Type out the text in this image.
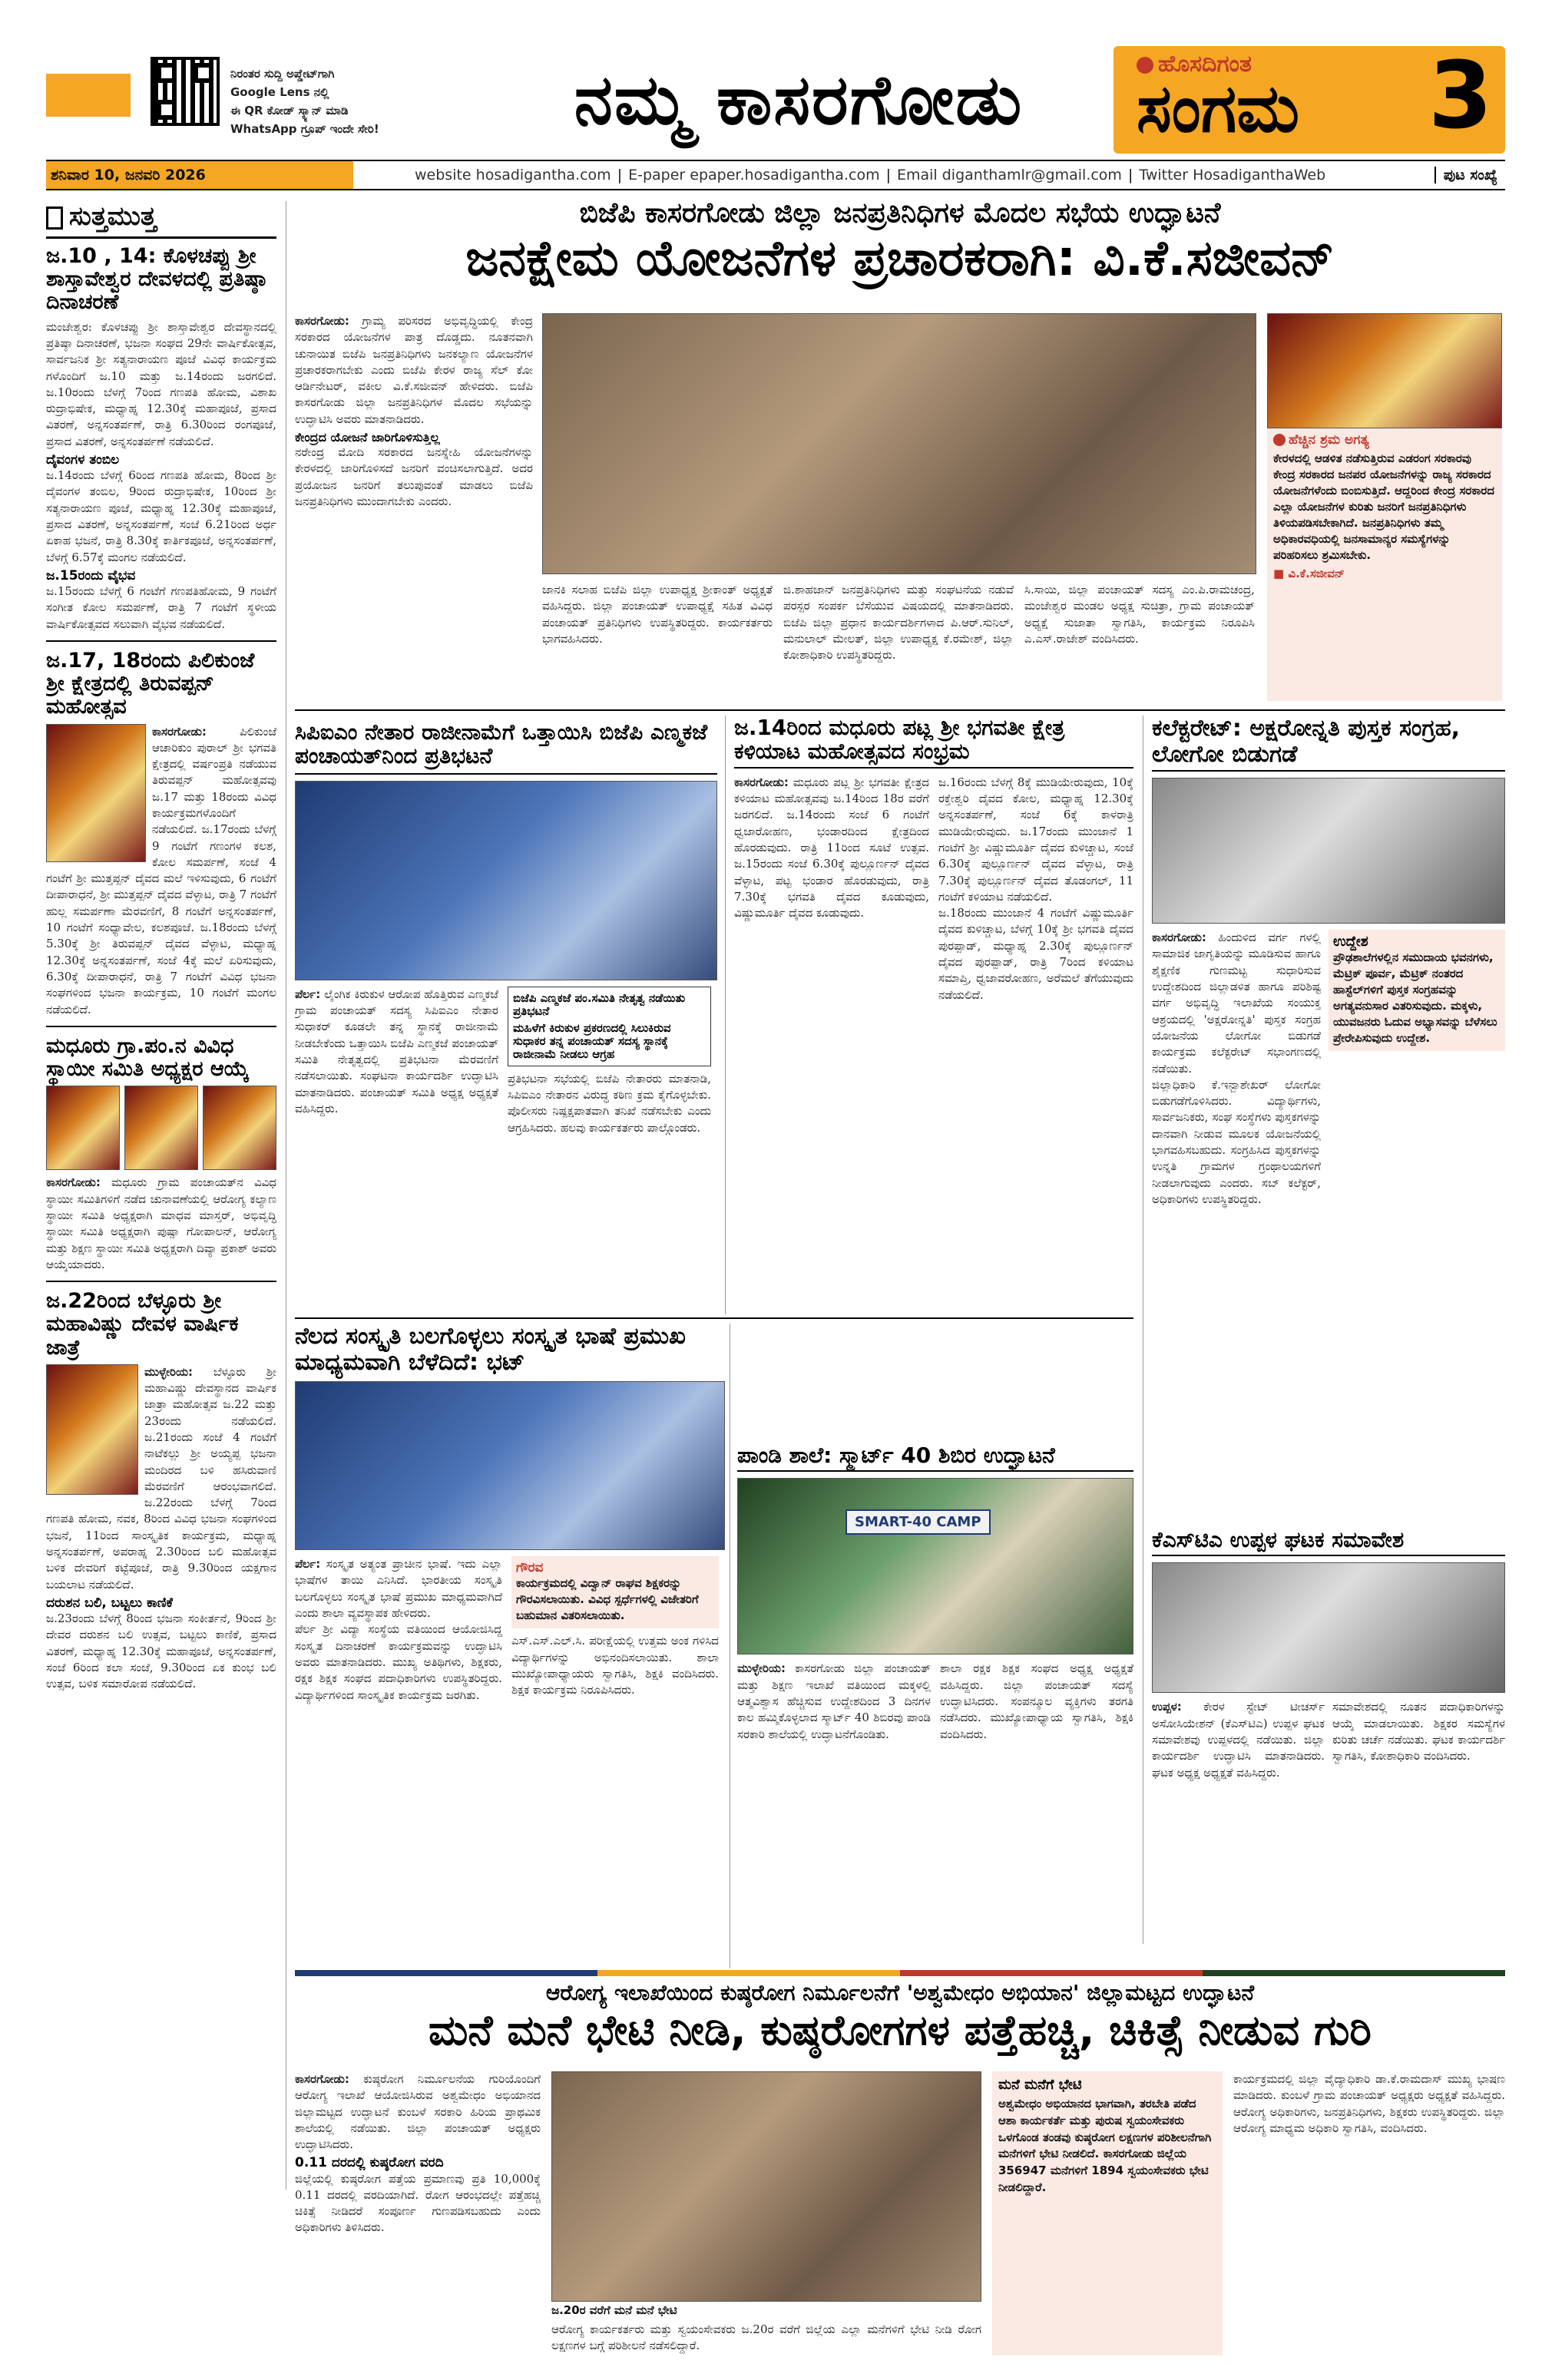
ನಿರಂತರ ಸುದ್ದಿ ಅಪ್ಡೇಟ್‌ಗಾಗಿ
Google Lens ನಲ್ಲಿ
ಈ QR ಕೋಡ್ ಸ್ಕ್ಯಾನ್ ಮಾಡಿ
WhatsApp ಗ್ರೂಪ್ ಇಂದೇ ಸೇರಿ!	ನಮ್ಮ ಕಾಸರಗೋಡು	ಹೊಸದಿಗಂತ
ಸಂಗಮ 3
ಶನಿವಾರ 10, ಜನವರಿ 2026	website hosadigantha.com | E-paper epaper.hosadigantha.com | Email diganthamlr@gmail.com | Twitter HosadiganthaWeb	ಪುಟ ಸಂಖ್ಯೆ
ಸುತ್ತಮುತ್ತ
ಜ.10 , 14: ಕೊಳಚಪ್ಪು ಶ್ರೀ ಶಾಸ್ತಾವೇಶ್ವರ ದೇವಳದಲ್ಲಿ ಪ್ರತಿಷ್ಠಾ ದಿನಾಚರಣೆ
ಮಂಜೇಶ್ವರ: ಕೊಳಚಪ್ಪು ಶ್ರೀ ಶಾಸ್ತಾವೇಶ್ವರ ದೇವಸ್ಥಾನದಲ್ಲಿ ಪ್ರತಿಷ್ಠಾ ದಿನಾಚರಣೆ, ಭಜನಾ ಸಂಘದ 29ನೇ ವಾರ್ಷಿಕೋತ್ಸವ, ಸಾರ್ವಜನಿಕ ಶ್ರೀ ಸತ್ಯನಾರಾಯಣ ಪೂಜೆ ವಿವಿಧ ಕಾರ್ಯಕ್ರಮ ಗಳೊಂದಿಗೆ ಜ.10 ಮತ್ತು ಜ.14ರಂದು ಜರಗಲಿದೆ. ಜ.10ರಂದು ಬೆಳಗ್ಗೆ 7ರಿಂದ ಗಣಪತಿ ಹೋಮ, ವಿಶಾಖ ರುದ್ರಾಭಿಷೇಕ, ಮಧ್ಯಾಹ್ನ 12.30ಕ್ಕೆ ಮಹಾಪೂಜೆ, ಪ್ರಸಾದ ವಿತರಣೆ, ಅನ್ನಸಂತರ್ಪಣೆ, ರಾತ್ರಿ 6.30ರಿಂದ ರಂಗಪೂಜೆ, ಪ್ರಸಾದ ವಿತರಣೆ, ಅನ್ನಸಂತರ್ಪಣೆ ನಡೆಯಲಿದೆ.
ದೈವಂಗಳ ತಂಬಿಲ
ಜ.14ರಂದು ಬೆಳಗ್ಗೆ 6ರಿಂದ ಗಣಪತಿ ಹೋಮ, 8ರಿಂದ ಶ್ರೀ ದೈವಂಗಳ ತಂಬಿಲ, 9ರಿಂದ ರುದ್ರಾಭಿಷೇಕ, 10ರಿಂದ ಶ್ರೀ ಸತ್ಯನಾರಾಯಣ ಪೂಜೆ, ಮಧ್ಯಾಹ್ನ 12.30ಕ್ಕೆ ಮಹಾಪೂಜೆ, ಪ್ರಸಾದ ವಿತರಣೆ, ಅನ್ನಸಂತರ್ಪಣೆ, ಸಂಜೆ 6.21ರಿಂದ ಅರ್ಧ ಏಕಾಹ ಭಜನೆ, ರಾತ್ರಿ 8.30ಕ್ಕೆ ಕಾರ್ತಿಕಪೂಜೆ, ಅನ್ನಸಂತರ್ಪಣೆ, ಬೆಳಗ್ಗೆ 6.57ಕ್ಕೆ ಮಂಗಲ ನಡೆಯಲಿದೆ.
ಜ.15ರಂದು ವೈಭವ
ಜ.15ರಂದು ಬೆಳಗ್ಗೆ 6 ಗಂಟೆಗೆ ಗಣಪತಿಹೋಮ, 9 ಗಂಟೆಗೆ ಸಂಗೀತ ಕೋಲ ಸಮರ್ಪಣೆ, ರಾತ್ರಿ 7 ಗಂಟೆಗೆ ಸ್ಥಳೀಯ ವಾರ್ಷಿಕೋತ್ಸವದ ಸಲುವಾಗಿ ವೈಭವ ನಡೆಯಲಿದೆ.
ಜ.17, 18ರಂದು ಪಿಲಿಕುಂಜೆ ಶ್ರೀ ಕ್ಷೇತ್ರದಲ್ಲಿ ತಿರುವಪ್ಪನ್ ಮಹೋತ್ಸವ
ಕಾಸರಗೋಡು:	ಪಿಲಿಕುಂಜೆ ಆಚಾರಿಕುಂ ಪುರಾಲ್ ಶ್ರೀ ಭಗವತಿ ಕ್ಷೇತ್ರದಲ್ಲಿ ವರ್ಷಂಪ್ರತಿ ನಡೆಯುವ ತಿರುವಪ್ಪನ್ ಮಹೋತ್ಸವವು ಜ.17 ಮತ್ತು 18ರಂದು ವಿವಿಧ ಕಾರ್ಯಕ್ರಮಗಳೊಂದಿಗೆ ನಡೆಯಲಿದೆ. ಜ.17ರಂದು ಬೆಳಗ್ಗೆ 9 ಗಂಟೆಗೆ ಗಣಂಗಳ ಕಲಶ, ಕೋಲ ಸಮರ್ಪಣೆ, ಸಂಜೆ 4 ಗಂಟೆಗೆ ಶ್ರೀ ಮುತ್ತಪ್ಪನ್ ದೈವದ ಮಲೆ ಇಳಿಸುವುದು, 6 ಗಂಟೆಗೆ ದೀಪಾರಾಧನೆ, ಶ್ರೀ ಮುತ್ತಪ್ಪನ್ ದೈವದ ವೆಳ್ಳಾಟ, ರಾತ್ರಿ 7 ಗಂಟೆಗೆ ಹುಲ್ಲ ಸಮರ್ಪಣಾ ಮೆರವಣಿಗೆ, 8 ಗಂಟೆಗೆ ಅನ್ನಸಂತರ್ಪಣೆ, 10 ಗಂಟೆಗೆ ಸಂಧ್ಯಾವೇಲ, ಕಲಶಪೂಜೆ. ಜ.18ರಂದು ಬೆಳಗ್ಗೆ 5.30ಕ್ಕೆ ಶ್ರೀ ತಿರುವಪ್ಪನ್ ದೈವದ ವೆಳ್ಳಾಟ, ಮಧ್ಯಾಹ್ನ 12.30ಕ್ಕೆ ಅನ್ನಸಂತರ್ಪಣೆ, ಸಂಜೆ 4ಕ್ಕೆ ಮಲೆ ಏರಿಸುವುದು, 6.30ಕ್ಕೆ ದೀಪಾರಾಧನೆ, ರಾತ್ರಿ 7 ಗಂಟೆಗೆ ವಿವಿಧ ಭಜನಾ ಸಂಘಗಳಿಂದ ಭಜನಾ ಕಾರ್ಯಕ್ರಮ, 10 ಗಂಟೆಗೆ ಮಂಗಲ ನಡೆಯಲಿದೆ.
ಮಧೂರು ಗ್ರಾ.ಪಂ.ನ ವಿವಿಧ ಸ್ಥಾಯೀ ಸಮಿತಿ ಅಧ್ಯಕ್ಷರ ಆಯ್ಕೆ
ಕಾಸರಗೋಡು: ಮಧೂರು ಗ್ರಾಮ ಪಂಚಾಯತ್‌ನ ವಿವಿಧ ಸ್ಥಾಯೀ ಸಮಿತಿಗಳಿಗೆ ನಡೆದ ಚುನಾವಣೆಯಲ್ಲಿ ಆರೋಗ್ಯ ಕಲ್ಯಾಣ ಸ್ಥಾಯೀ ಸಮಿತಿ ಅಧ್ಯಕ್ಷರಾಗಿ ಮಾಧವ ಮಾಸ್ತರ್, ಅಭಿವೃದ್ಧಿ ಸ್ಥಾಯೀ ಸಮಿತಿ ಅಧ್ಯಕ್ಷರಾಗಿ ಪುಷ್ಪಾ ಗೋಪಾಲನ್, ಆರೋಗ್ಯ ಮತ್ತು ಶಿಕ್ಷಣ ಸ್ಥಾಯೀ ಸಮಿತಿ ಅಧ್ಯಕ್ಷರಾಗಿ ದಿವ್ಯಾ ಪ್ರಕಾಶ್ ಅವರು ಆಯ್ಕೆಯಾದರು.
ಜ.22ರಿಂದ ಬೆಳ್ಳೂರು ಶ್ರೀ ಮಹಾವಿಷ್ಣು ದೇವಳ ವಾರ್ಷಿಕ ಜಾತ್ರೆ
ಮುಳ್ಳೇರಿಯ: ಬೆಳ್ಳೂರು ಶ್ರೀ ಮಹಾವಿಷ್ಣು ದೇವಸ್ಥಾನದ ವಾರ್ಷಿಕ ಜಾತ್ರಾ ಮಹೋತ್ಸವ ಜ.22 ಮತ್ತು 23ರಂದು ನಡೆಯಲಿದೆ. ಜ.21ರಂದು ಸಂಜೆ 4 ಗಂಟೆಗೆ ನಾಟೆಕಲ್ಲು ಶ್ರೀ ಅಯ್ಯಪ್ಪ ಭಜನಾ ಮಂದಿರದ ಬಳಿ ಹಸಿರುವಾಣಿ ಮೆರವಣಿಗೆ ಆರಂಭವಾಗಲಿದೆ. ಜ.22ರಂದು ಬೆಳಗ್ಗೆ 7ರಿಂದ ಗಣಪತಿ ಹೋಮ, ನವಕ, 8ರಿಂದ ವಿವಿಧ ಭಜನಾ ಸಂಘಗಳಿಂದ ಭಜನೆ, 11ರಿಂದ ಸಾಂಸ್ಕೃತಿಕ ಕಾರ್ಯಕ್ರಮ, ಮಧ್ಯಾಹ್ನ ಅನ್ನಸಂತರ್ಪಣೆ, ಅಪರಾಹ್ನ 2.30ರಿಂದ ಬಲಿ ಮಹೋತ್ಸವ ಬಳಿಕ ದೇವರಿಗೆ ಕಟ್ಟೆಪೂಜೆ, ರಾತ್ರಿ 9.30ರಿಂದ ಯಕ್ಷಗಾನ ಬಯಲಾಟ ನಡೆಯಲಿದೆ.
ದರುಶನ ಬಲಿ, ಬಟ್ಟಲು ಕಾಣಿಕೆ
ಜ.23ರಂದು ಬೆಳಗ್ಗೆ 8ರಿಂದ ಭಜನಾ ಸಂಕೀರ್ತನೆ, 9ರಿಂದ ಶ್ರೀ ದೇವರ ದರುಶನ ಬಲಿ ಉತ್ಸವ, ಬಟ್ಟಲು ಕಾಣಿಕೆ, ಪ್ರಸಾದ ವಿತರಣೆ, ಮಧ್ಯಾಹ್ನ 12.30ಕ್ಕೆ ಮಹಾಪೂಜೆ, ಅನ್ನಸಂತರ್ಪಣೆ, ಸಂಜೆ 6ರಿಂದ ಕಲಾ ಸಂಜೆ, 9.30ರಿಂದ ಏಕ ಕುಂಭ ಬಲಿ ಉತ್ಸವ, ಬಳಿಕ ಸಮಾರೋಪ ನಡೆಯಲಿದೆ.
ಬಿಜೆಪಿ ಕಾಸರಗೋಡು ಜಿಲ್ಲಾ ಜನಪ್ರತಿನಿಧಿಗಳ ಮೊದಲ ಸಭೆಯ ಉದ್ಘಾಟನೆ
ಜನಕ್ಷೇಮ ಯೋಜನೆಗಳ ಪ್ರಚಾರಕರಾಗಿ: ವಿ.ಕೆ.ಸಜೀವನ್
ಕಾಸರಗೋಡು: ಗ್ರಾಮ್ಯ ಪರಿಸರದ ಅಭಿವೃದ್ಧಿಯಲ್ಲಿ ಕೇಂದ್ರ ಸರಕಾರದ ಯೋಜನೆಗಳ ಪಾತ್ರ ದೊಡ್ಡದು. ನೂತನವಾಗಿ ಚುನಾಯಿತ ಬಿಜೆಪಿ ಜನಪ್ರತಿನಿಧಿಗಳು ಜನಕಲ್ಯಾಣ ಯೋಜನೆಗಳ ಪ್ರಚಾರಕರಾಗಬೇಕು ಎಂದು ಬಿಜೆಪಿ ಕೇರಳ ರಾಜ್ಯ ಸೆಲ್ ಕೋ ಆರ್ಡಿನೇಟರ್, ವಕೀಲ ವಿ.ಕೆ.ಸಜೀವನ್ ಹೇಳಿದರು. ಬಿಜೆಪಿ ಕಾಸರಗೋಡು ಜಿಲ್ಲಾ ಜನಪ್ರತಿನಿಧಿಗಳ ಮೊದಲ ಸಭೆಯನ್ನು ಉದ್ಘಾಟಿಸಿ ಅವರು ಮಾತನಾಡಿದರು.
ಕೇಂದ್ರದ ಯೋಜನೆ ಜಾರಿಗೊಳಿಸುತ್ತಿಲ್ಲ
ನರೇಂದ್ರ ಮೋದಿ ಸರಕಾರದ ಜನಸ್ನೇಹಿ ಯೋಜನೆಗಳನ್ನು ಕೇರಳದಲ್ಲಿ ಜಾರಿಗೊಳಿಸದೆ ಜನರಿಗೆ ವಂಚಿಸಲಾಗುತ್ತಿದೆ. ಅದರ ಪ್ರಯೋಜನ ಜನರಿಗೆ ತಲುಪುವಂತೆ ಮಾಡಲು ಬಿಜೆಪಿ ಜನಪ್ರತಿನಿಧಿಗಳು ಮುಂದಾಗಬೇಕು ಎಂದರು.
ಜಾನಕಿ ಸಲಾಹ ಬಿಜೆಪಿ ಜಿಲ್ಲಾ ಉಪಾಧ್ಯಕ್ಷ ಶ್ರೀಕಾಂತ್ ಅಧ್ಯಕ್ಷತೆ ವಹಿಸಿದ್ದರು. ಜಿಲ್ಲಾ ಪಂಚಾಯತ್ ಉಪಾಧ್ಯಕ್ಷೆ ಸಹಿತ ವಿವಿಧ ಪಂಚಾಯತ್ ಪ್ರತಿನಿಧಿಗಳು ಉಪಸ್ಥಿತರಿದ್ದರು. ಕಾರ್ಯಕರ್ತರು ಭಾಗವಹಿಸಿದರು.
ಜಿ.ಶಾಹಜಾನ್ ಜನಪ್ರತಿನಿಧಿಗಳು ಮತ್ತು ಸಂಘಟನೆಯ ನಡುವೆ ಪರಸ್ಪರ ಸಂಪರ್ಕ ಬೆಸೆಯುವ ವಿಷಯದಲ್ಲಿ ಮಾತನಾಡಿದರು. ಬಿಜೆಪಿ ಜಿಲ್ಲಾ ಪ್ರಧಾನ ಕಾರ್ಯದರ್ಶಿಗಳಾದ ಪಿ.ಆರ್.ಸುನಿಲ್, ಮನುಲಾಲ್ ಮೇಲತ್, ಜಿಲ್ಲಾ ಉಪಾಧ್ಯಕ್ಷ ಕೆ.ರಮೇಶ್, ಜಿಲ್ಲಾ ಕೋಶಾಧಿಕಾರಿ ಉಪಸ್ಥಿತರಿದ್ದರು.
ಸಿ.ಸಾಯಿ, ಜಿಲ್ಲಾ ಪಂಚಾಯತ್ ಸದಸ್ಯ ಎಂ.ಪಿ.ರಾಮಚಂದ್ರ, ಮಂಜೇಶ್ವರ ಮಂಡಲ ಅಧ್ಯಕ್ಷ ಸುಚಿತ್ರಾ, ಗ್ರಾಮ ಪಂಚಾಯತ್ ಅಧ್ಯಕ್ಷೆ ಸುಜಾತಾ ಸ್ವಾಗತಿಸಿ, ಕಾರ್ಯಕ್ರಮ ನಿರೂಪಿಸಿ ಎ.ಎಸ್.ರಾಜೇಶ್ ವಂದಿಸಿದರು.
ಹೆಚ್ಚಿನ ಶ್ರಮ ಅಗತ್ಯ
ಕೇರಳದಲ್ಲಿ ಆಡಳಿತ ನಡೆಸುತ್ತಿರುವ ಎಡರಂಗ ಸರಕಾರವು ಕೇಂದ್ರ ಸರಕಾರದ ಜನಪರ ಯೋಜನೆಗಳನ್ನು ರಾಜ್ಯ ಸರಕಾರದ ಯೋಜನೆಗಳೆಂದು ಬಿಂಬಿಸುತ್ತಿದೆ. ಆದ್ದರಿಂದ ಕೇಂದ್ರ ಸರಕಾರದ ಎಲ್ಲಾ ಯೋಜನೆಗಳ ಕುರಿತು ಜನರಿಗೆ ಜನಪ್ರತಿನಿಧಿಗಳು ತಿಳಿಯಪಡಿಸಬೇಕಾಗಿದೆ. ಜನಪ್ರತಿನಿಧಿಗಳು ತಮ್ಮ ಅಧಿಕಾರವಧಿಯಲ್ಲಿ ಜನಸಾಮಾನ್ಯರ ಸಮಸ್ಯೆಗಳನ್ನು ಪರಿಹರಿಸಲು ಶ್ರಮಿಸಬೇಕು.
■ ವಿ.ಕೆ.ಸಜೀವನ್
ಸಿಪಿಐಎಂ ನೇತಾರ ರಾಜೀನಾಮೆಗೆ ಒತ್ತಾಯಿಸಿ ಬಿಜೆಪಿ ಎಣ್ಮಕಜೆ ಪಂಚಾಯತ್‌ನಿಂದ ಪ್ರತಿಭಟನೆ
ಪೆರ್ಲ: ಲೈಂಗಿಕ ಕಿರುಕುಳ ಆರೋಪ ಹೊತ್ತಿರುವ ಎಣ್ಮಕಜೆ ಗ್ರಾಮ ಪಂಚಾಯತ್ ಸದಸ್ಯ ಸಿಪಿಐಎಂ ನೇತಾರ ಸುಧಾಕರ್ ಕೂಡಲೇ ತನ್ನ ಸ್ಥಾನಕ್ಕೆ ರಾಜೀನಾಮೆ ನೀಡಬೇಕೆಂದು ಒತ್ತಾಯಿಸಿ ಬಿಜೆಪಿ ಎಣ್ಮಕಜೆ ಪಂಚಾಯತ್ ಸಮಿತಿ ನೇತೃತ್ವದಲ್ಲಿ ಪ್ರತಿಭಟನಾ ಮೆರವಣಿಗೆ ನಡೆಸಲಾಯಿತು. ಸಂಘಟನಾ ಕಾರ್ಯದರ್ಶಿ ಉದ್ಘಾಟಿಸಿ ಮಾತನಾಡಿದರು. ಪಂಚಾಯತ್ ಸಮಿತಿ ಅಧ್ಯಕ್ಷ ಅಧ್ಯಕ್ಷತೆ ವಹಿಸಿದ್ದರು.
ಬಿಜೆಪಿ ಎಣ್ಮಕಜೆ ಪಂ.ಸಮಿತಿ ನೇತೃತ್ವ ನಡೆಯಿತು ಪ್ರತಿಭಟನೆ
ಮಹಿಳೆಗೆ ಕಿರುಕುಳ ಪ್ರಕರಣದಲ್ಲಿ ಸಿಲುಕಿರುವ ಸುಧಾಕರ ತನ್ನ ಪಂಚಾಯತ್ ಸದಸ್ಯ ಸ್ಥಾನಕ್ಕೆ ರಾಜೀನಾಮೆ ನೀಡಲು ಆಗ್ರಹ
ಪ್ರತಿಭಟನಾ ಸಭೆಯಲ್ಲಿ ಬಿಜೆಪಿ ನೇತಾರರು ಮಾತನಾಡಿ, ಸಿಪಿಐಎಂ ನೇತಾರನ ವಿರುದ್ಧ ಕಠಿಣ ಕ್ರಮ ಕೈಗೊಳ್ಳಬೇಕು. ಪೊಲೀಸರು ನಿಷ್ಪಕ್ಷಪಾತವಾಗಿ ತನಿಖೆ ನಡೆಸಬೇಕು ಎಂದು ಆಗ್ರಹಿಸಿದರು. ಹಲವು ಕಾರ್ಯಕರ್ತರು ಪಾಲ್ಗೊಂಡರು.
ಜ.14ರಿಂದ ಮಧೂರು ಪಟ್ಲ ಶ್ರೀ ಭಗವತೀ ಕ್ಷೇತ್ರ ಕಳಿಯಾಟ ಮಹೋತ್ಸವದ ಸಂಭ್ರಮ
ಕಾಸರಗೋಡು: ಮಧೂರು ಪಟ್ಲ ಶ್ರೀ ಭಗವತೀ ಕ್ಷೇತ್ರದ ಕಳಿಯಾಟ ಮಹೋತ್ಸವವು ಜ.14ರಿಂದ 18ರ ವರೆಗೆ ಜರಗಲಿದೆ. ಜ.14ರಂದು ಸಂಜೆ 6 ಗಂಟೆಗೆ ಧ್ವಜಾರೋಹಣ, ಭಂಡಾರದಿಂದ ಕ್ಷೇತ್ರದಿಂದ ಹೊರಡುವುದು. ರಾತ್ರಿ 11ರಿಂದ ಸೂಟೆ ಉತ್ಸವ. ಜ.15ರಂದು ಸಂಜೆ 6.30ಕ್ಕೆ ಪುಲ್ಲೂರ್ಣನ್ ದೈವದ ವೆಳ್ಳಾಟ, ಪಟ್ಟ ಭಂಡಾರ ಹೊರಡುವುದು, ರಾತ್ರಿ 7.30ಕ್ಕೆ ಭಗವತಿ ದೈವದ ಕೂಡುವುದು, ವಿಷ್ಣುಮೂರ್ತಿ ದೈವದ ಕೂಡುವುದು.
ಜ.16ರಂದು ಬೆಳಗ್ಗೆ 8ಕ್ಕೆ ಮುಡಿಯೇರುವುದು, 10ಕ್ಕೆ ರಕ್ತೇಶ್ವರಿ ದೈವದ ಕೋಲ, ಮಧ್ಯಾಹ್ನ 12.30ಕ್ಕೆ ಅನ್ನಸಂತರ್ಪಣೆ, ಸಂಜೆ 6ಕ್ಕೆ ಕಾಳರಾತ್ರಿ ಮುಡಿಯೇರುವುದು. ಜ.17ರಂದು ಮುಂಜಾನೆ 1 ಗಂಟೆಗೆ ಶ್ರೀ ವಿಷ್ಣುಮೂರ್ತಿ ದೈವದ ಕುಳಿಚ್ಚಾಟ, ಸಂಜೆ 6.30ಕ್ಕೆ ಪುಲ್ಲೂರ್ಣನ್ ದೈವದ ವೆಳ್ಳಾಟ, ರಾತ್ರಿ 7.30ಕ್ಕೆ ಪುಲ್ಲೂರ್ಣನ್ ದೈವದ ತೊಡಂಗಲ್, 11 ಗಂಟೆಗೆ ಕಳಿಯಾಟ ನಡೆಯಲಿದೆ.
ಜ.18ರಂದು ಮುಂಜಾನೆ 4 ಗಂಟೆಗೆ ವಿಷ್ಣುಮೂರ್ತಿ ದೈವದ ಕುಳಿಚ್ಚಾಟ, ಬೆಳಗ್ಗೆ 10ಕ್ಕೆ ಶ್ರೀ ಭಗವತಿ ದೈವದ ಪುರಪ್ಪಾಡ್, ಮಧ್ಯಾಹ್ನ 2.30ಕ್ಕೆ ಪುಲ್ಲೂರ್ಣನ್ ದೈವದ ಪುರಪ್ಪಾಡ್, ರಾತ್ರಿ 7ರಿಂದ ಕಳಿಯಾಟ ಸಮಾಪ್ತಿ, ಧ್ವಜಾವರೋಹಣ, ಅರೆಮಲೆ ತೆಗೆಯುವುದು ನಡೆಯಲಿದೆ.
ಕಲೆಕ್ಟರೇಟ್: ಅಕ್ಷರೋನ್ನತಿ ಪುಸ್ತಕ ಸಂಗ್ರಹ, ಲೋಗೋ ಬಿಡುಗಡೆ
ಕಾಸರಗೋಡು: ಹಿಂದುಳಿದ ವರ್ಗ ಗಳಲ್ಲಿ ಸಾಮಾಜಿಕ ಜಾಗೃತಿಯನ್ನು ಮೂಡಿಸುವ ಹಾಗೂ ಶೈಕ್ಷಣಿಕ ಗುಣಮಟ್ಟ ಸುಧಾರಿಸುವ ಉದ್ದೇಶದಿಂದ ಜಿಲ್ಲಾಡಳಿತ ಹಾಗೂ ಪರಿಶಿಷ್ಟ ವರ್ಗ ಅಭಿವೃದ್ಧಿ ಇಲಾಖೆಯ ಸಂಯುಕ್ತ ಆಶ್ರಯದಲ್ಲಿ 'ಅಕ್ಷರೋನ್ನತಿ' ಪುಸ್ತಕ ಸಂಗ್ರಹ ಯೋಜನೆಯ ಲೋಗೋ ಬಿಡುಗಡೆ ಕಾರ್ಯಕ್ರಮ ಕಲೆಕ್ಟರೇಟ್ ಸಭಾಂಗಣದಲ್ಲಿ ನಡೆಯಿತು.
ಜಿಲ್ಲಾಧಿಕಾರಿ ಕೆ.ಇನ್ಬಾಶೇಖರ್ ಲೋಗೋ ಬಿಡುಗಡೆಗೊಳಿಸಿದರು. ವಿದ್ಯಾರ್ಥಿಗಳು, ಸಾರ್ವಜನಿಕರು, ಸಂಘ ಸಂಸ್ಥೆಗಳು ಪುಸ್ತಕಗಳನ್ನು ದಾನವಾಗಿ ನೀಡುವ ಮೂಲಕ ಯೋಜನೆಯಲ್ಲಿ ಭಾಗವಹಿಸಬಹುದು. ಸಂಗ್ರಹಿಸಿದ ಪುಸ್ತಕಗಳನ್ನು ಉನ್ನತಿ ಗ್ರಾಮಗಳ ಗ್ರಂಥಾಲಯಗಳಿಗೆ ನೀಡಲಾಗುವುದು ಎಂದರು. ಸಬ್ ಕಲೆಕ್ಟರ್, ಅಧಿಕಾರಿಗಳು ಉಪಸ್ಥಿತರಿದ್ದರು.
ಉದ್ದೇಶ
ಪ್ರೌಢಶಾಲೆಗಳಲ್ಲಿನ ಸಮುದಾಯ ಭವನಗಳು, ಮೆಟ್ರಿಕ್ ಪೂರ್ವ, ಮೆಟ್ರಿಕ್ ನಂತರದ ಹಾಸ್ಟೆಲ್‌ಗಳಿಗೆ ಪುಸ್ತಕ ಸಂಗ್ರಹವನ್ನು ಅಗತ್ಯವನುಸಾರ ವಿತರಿಸುವುದು. ಮಕ್ಕಳು, ಯುವಜನರು ಓದುವ ಅಭ್ಯಾಸವನ್ನು ಬೆಳೆಸಲು ಪ್ರೇರೇಪಿಸುವುದು ಉದ್ದೇಶ.
ನೆಲದ ಸಂಸ್ಕೃತಿ ಬಲಗೊಳ್ಳಲು ಸಂಸ್ಕೃತ ಭಾಷೆ ಪ್ರಮುಖ ಮಾಧ್ಯಮವಾಗಿ ಬೆಳೆದಿದೆ: ಭಟ್
ಪೆರ್ಲ: ಸಂಸ್ಕೃತ ಅತ್ಯಂತ ಪ್ರಾಚೀನ ಭಾಷೆ. ಇದು ಎಲ್ಲಾ ಭಾಷೆಗಳ ತಾಯಿ ಎನಿಸಿದೆ. ಭಾರತೀಯ ಸಂಸ್ಕೃತಿ ಬಲಗೊಳ್ಳಲು ಸಂಸ್ಕೃತ ಭಾಷೆ ಪ್ರಮುಖ ಮಾಧ್ಯಮವಾಗಿದೆ ಎಂದು ಶಾಲಾ ವ್ಯವಸ್ಥಾಪಕ ಹೇಳಿದರು.
ಪೆರ್ಲ ಶ್ರೀ ವಿದ್ಯಾ ಸಂಸ್ಥೆಯ ವತಿಯಿಂದ ಆಯೋಜಿಸಿದ್ದ ಸಂಸ್ಕೃತ ದಿನಾಚರಣೆ ಕಾರ್ಯಕ್ರಮವನ್ನು ಉದ್ಘಾಟಿಸಿ ಅವರು ಮಾತನಾಡಿದರು. ಮುಖ್ಯ ಅತಿಥಿಗಳು, ಶಿಕ್ಷಕರು, ರಕ್ಷಕ ಶಿಕ್ಷಕ ಸಂಘದ ಪದಾಧಿಕಾರಿಗಳು ಉಪಸ್ಥಿತರಿದ್ದರು. ವಿದ್ಯಾರ್ಥಿಗಳಿಂದ ಸಾಂಸ್ಕೃತಿಕ ಕಾರ್ಯಕ್ರಮ ಜರಗಿತು.
ಗೌರವ
ಕಾರ್ಯಕ್ರಮದಲ್ಲಿ ವಿದ್ವಾನ್ ರಾಘವ ಶಿಕ್ಷಕರನ್ನು ಗೌರವಿಸಲಾಯಿತು. ವಿವಿಧ ಸ್ಪರ್ಧೆಗಳಲ್ಲಿ ವಿಜೇತರಿಗೆ ಬಹುಮಾನ ವಿತರಿಸಲಾಯಿತು.
ಎಸ್.ಎಸ್.ಎಲ್.ಸಿ. ಪರೀಕ್ಷೆಯಲ್ಲಿ ಉತ್ತಮ ಅಂಕ ಗಳಿಸಿದ ವಿದ್ಯಾರ್ಥಿಗಳನ್ನು ಅಭಿನಂದಿಸಲಾಯಿತು. ಶಾಲಾ ಮುಖ್ಯೋಪಾಧ್ಯಾಯರು ಸ್ವಾಗತಿಸಿ, ಶಿಕ್ಷಕಿ ವಂದಿಸಿದರು. ಶಿಕ್ಷಕ ಕಾರ್ಯಕ್ರಮ ನಿರೂಪಿಸಿದರು.
ಪಾಂಡಿ ಶಾಲೆ: ಸ್ಮಾರ್ಟ್ 40 ಶಿಬಿರ ಉದ್ಘಾಟನೆ
SMART-40 CAMP
ಮುಳ್ಳೇರಿಯ: ಕಾಸರಗೋಡು ಜಿಲ್ಲಾ ಪಂಚಾಯತ್ ಮತ್ತು ಶಿಕ್ಷಣ ಇಲಾಖೆ ವತಿಯಿಂದ ಮಕ್ಕಳಲ್ಲಿ ಆತ್ಮವಿಶ್ವಾಸ ಹೆಚ್ಚಿಸುವ ಉದ್ದೇಶದಿಂದ 3 ದಿನಗಳ ಕಾಲ ಹಮ್ಮಿಕೊಳ್ಳಲಾದ ಸ್ಮಾರ್ಟ್ 40 ಶಿಬಿರವು ಪಾಂಡಿ ಸರಕಾರಿ ಶಾಲೆಯಲ್ಲಿ ಉದ್ಘಾಟನೆಗೊಂಡಿತು.
ಶಾಲಾ ರಕ್ಷಕ ಶಿಕ್ಷಕ ಸಂಘದ ಅಧ್ಯಕ್ಷ ಅಧ್ಯಕ್ಷತೆ ವಹಿಸಿದ್ದರು. ಜಿಲ್ಲಾ ಪಂಚಾಯತ್ ಸದಸ್ಯೆ ಉದ್ಘಾಟಿಸಿದರು. ಸಂಪನ್ಮೂಲ ವ್ಯಕ್ತಿಗಳು ತರಗತಿ ನಡೆಸಿದರು. ಮುಖ್ಯೋಪಾಧ್ಯಾಯ ಸ್ವಾಗತಿಸಿ, ಶಿಕ್ಷಕಿ ವಂದಿಸಿದರು.
ಕೆಎಸ್‌ಟಿಎ ಉಪ್ಪಳ ಘಟಕ ಸಮಾವೇಶ
ಉಪ್ಪಳ: ಕೇರಳ ಸ್ಟೇಟ್ ಟೀಚರ್ಸ್ ಅಸೋಸಿಯೇಶನ್ (ಕೆಎಸ್‌ಟಿಎ) ಉಪ್ಪಳ ಘಟಕ ಸಮಾವೇಶವು ಉಪ್ಪಳದಲ್ಲಿ ನಡೆಯಿತು. ಜಿಲ್ಲಾ ಕಾರ್ಯದರ್ಶಿ ಉದ್ಘಾಟಿಸಿ ಮಾತನಾಡಿದರು. ಘಟಕ ಅಧ್ಯಕ್ಷ ಅಧ್ಯಕ್ಷತೆ ವಹಿಸಿದ್ದರು.
ಸಮಾವೇಶದಲ್ಲಿ ನೂತನ ಪದಾಧಿಕಾರಿಗಳನ್ನು ಆಯ್ಕೆ ಮಾಡಲಾಯಿತು. ಶಿಕ್ಷಕರ ಸಮಸ್ಯೆಗಳ ಕುರಿತು ಚರ್ಚೆ ನಡೆಯಿತು. ಘಟಕ ಕಾರ್ಯದರ್ಶಿ ಸ್ವಾಗತಿಸಿ, ಕೋಶಾಧಿಕಾರಿ ವಂದಿಸಿದರು.
ಆರೋಗ್ಯ ಇಲಾಖೆಯಿಂದ ಕುಷ್ಠರೋಗ ನಿರ್ಮೂಲನೆಗೆ 'ಅಶ್ವಮೇಧಂ ಅಭಿಯಾನ' ಜಿಲ್ಲಾಮಟ್ಟದ ಉದ್ಘಾಟನೆ
ಮನೆ ಮನೆ ಭೇಟಿ ನೀಡಿ, ಕುಷ್ಠರೋಗಗಳ ಪತ್ತೆಹಚ್ಚಿ, ಚಿಕಿತ್ಸೆ ನೀಡುವ ಗುರಿ
ಕಾಸರಗೋಡು: ಕುಷ್ಠರೋಗ ನಿರ್ಮೂಲನೆಯ ಗುರಿಯೊಂದಿಗೆ ಆರೋಗ್ಯ ಇಲಾಖೆ ಆಯೋಜಿಸಿರುವ ಅಶ್ವಮೇಧಂ ಅಭಿಯಾನದ ಜಿಲ್ಲಾಮಟ್ಟದ ಉದ್ಘಾಟನೆ ಕುಂಬಳೆ ಸರಕಾರಿ ಹಿರಿಯ ಪ್ರಾಥಮಿಕ ಶಾಲೆಯಲ್ಲಿ ನಡೆಯಿತು. ಜಿಲ್ಲಾ ಪಂಚಾಯತ್ ಅಧ್ಯಕ್ಷರು ಉದ್ಘಾಟಿಸಿದರು.
0.11 ದರದಲ್ಲಿ ಕುಷ್ಠರೋಗ ವರದಿ
ಜಿಲ್ಲೆಯಲ್ಲಿ ಕುಷ್ಠರೋಗ ಪತ್ತೆಯ ಪ್ರಮಾಣವು ಪ್ರತಿ 10,000ಕ್ಕೆ 0.11 ದರದಲ್ಲಿ ವರದಿಯಾಗಿದೆ. ರೋಗ ಆರಂಭದಲ್ಲೇ ಪತ್ತೆಹಚ್ಚಿ ಚಿಕಿತ್ಸೆ ನೀಡಿದರೆ ಸಂಪೂರ್ಣ ಗುಣಪಡಿಸಬಹುದು ಎಂದು ಅಧಿಕಾರಿಗಳು ತಿಳಿಸಿದರು.
ಜ.20ರ ವರೆಗೆ ಮನೆ ಮನೆ ಭೇಟಿ
ಆರೋಗ್ಯ ಕಾರ್ಯಕರ್ತರು ಮತ್ತು ಸ್ವಯಂಸೇವಕರು ಜ.20ರ ವರೆಗೆ ಜಿಲ್ಲೆಯ ಎಲ್ಲಾ ಮನೆಗಳಿಗೆ ಭೇಟಿ ನೀಡಿ ರೋಗ ಲಕ್ಷಣಗಳ ಬಗ್ಗೆ ಪರಿಶೀಲನೆ ನಡೆಸಲಿದ್ದಾರೆ.
ಮನೆ ಮನೆಗೆ ಭೇಟಿ
ಅಶ್ವಮೇಧಂ ಅಭಿಯಾನದ ಭಾಗವಾಗಿ, ತರಬೇತಿ ಪಡೆದ ಆಶಾ ಕಾರ್ಯಕರ್ತೆ ಮತ್ತು ಪುರುಷ ಸ್ವಯಂಸೇವಕರು ಒಳಗೊಂಡ ತಂಡವು ಕುಷ್ಠರೋಗ ಲಕ್ಷಣಗಳ ಪರಿಶೀಲನೆಗಾಗಿ ಮನೆಗಳಿಗೆ ಭೇಟಿ ನೀಡಲಿದೆ. ಕಾಸರಗೋಡು ಜಿಲ್ಲೆಯ 356947 ಮನೆಗಳಿಗೆ 1894 ಸ್ವಯಂಸೇವಕರು ಭೇಟಿ ನೀಡಲಿದ್ದಾರೆ.
ಕಾರ್ಯಕ್ರಮದಲ್ಲಿ ಜಿಲ್ಲಾ ವೈದ್ಯಾಧಿಕಾರಿ ಡಾ.ಕೆ.ರಾಮದಾಸ್ ಮುಖ್ಯ ಭಾಷಣ ಮಾಡಿದರು. ಕುಂಬಳೆ ಗ್ರಾಮ ಪಂಚಾಯತ್ ಅಧ್ಯಕ್ಷರು ಅಧ್ಯಕ್ಷತೆ ವಹಿಸಿದ್ದರು. ಆರೋಗ್ಯ ಅಧಿಕಾರಿಗಳು, ಜನಪ್ರತಿನಿಧಿಗಳು, ಶಿಕ್ಷಕರು ಉಪಸ್ಥಿತರಿದ್ದರು. ಜಿಲ್ಲಾ ಆರೋಗ್ಯ ಮಾಧ್ಯಮ ಅಧಿಕಾರಿ ಸ್ವಾಗತಿಸಿ, ವಂದಿಸಿದರು.
